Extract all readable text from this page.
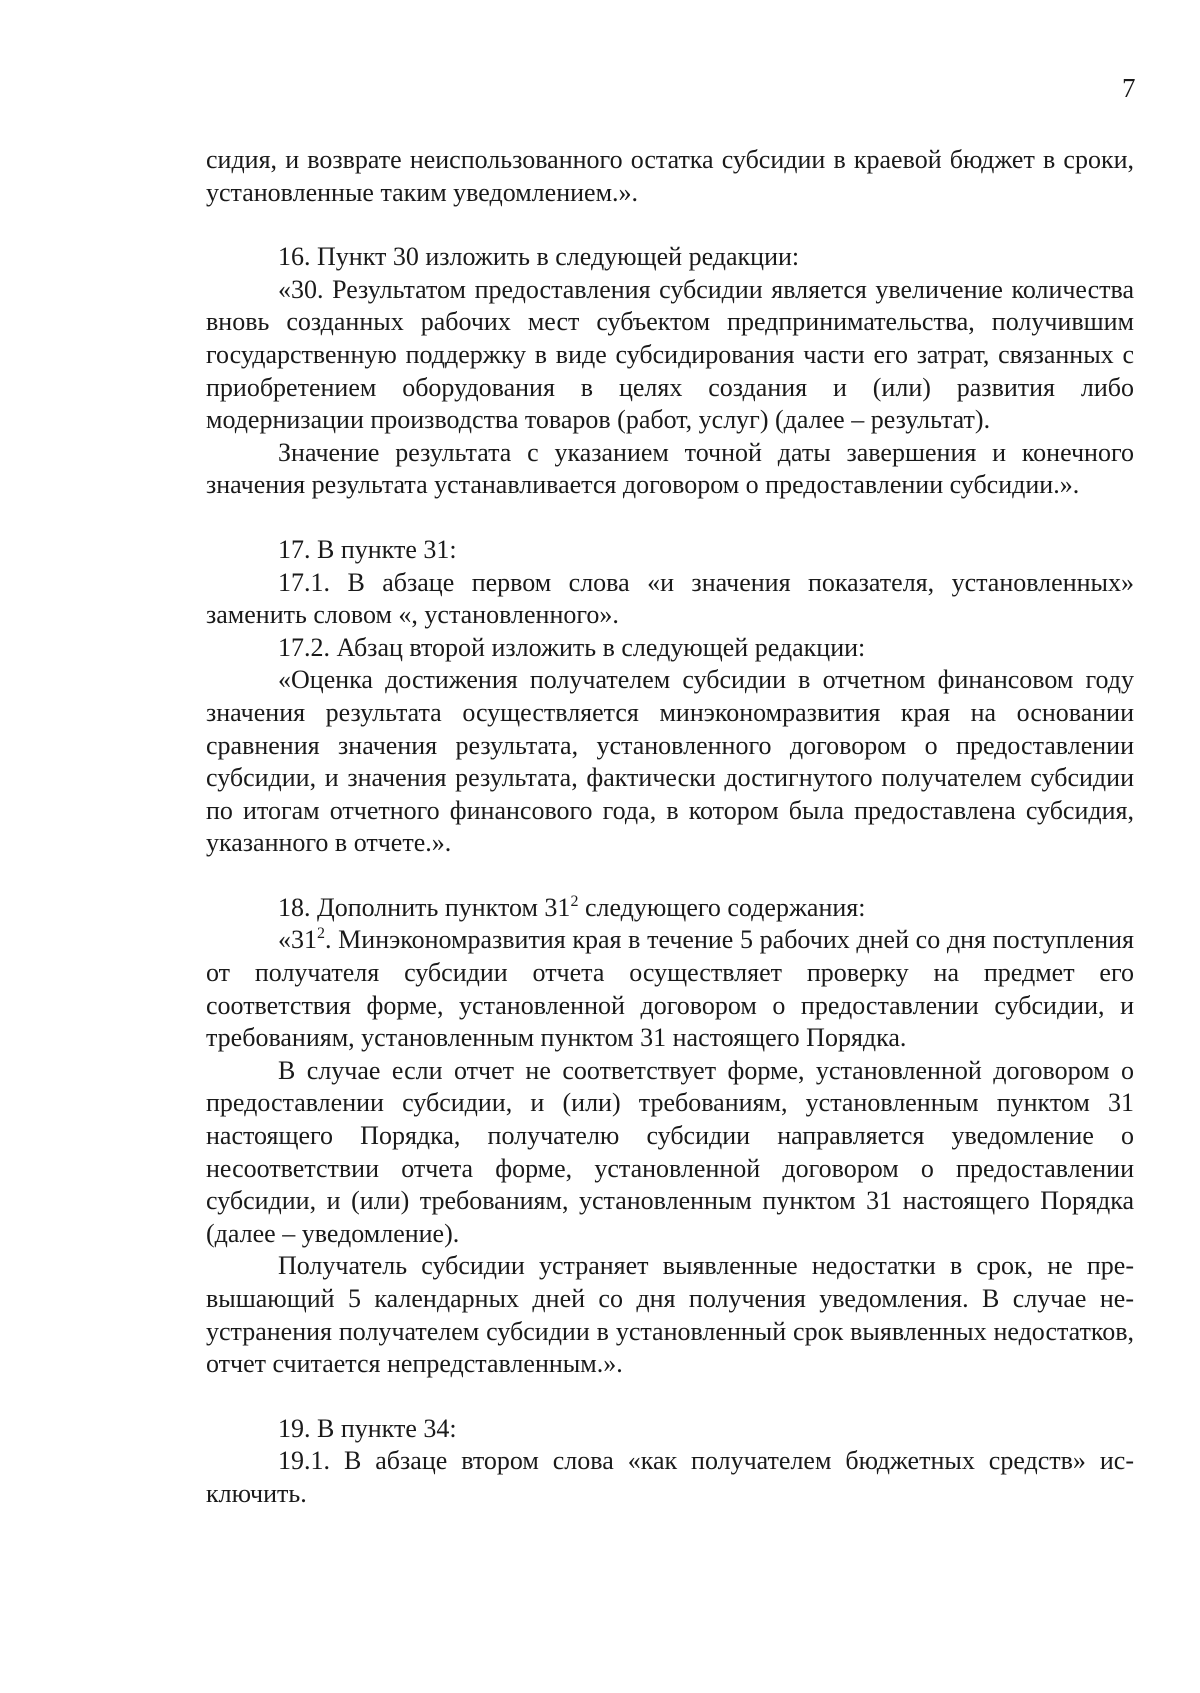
7

сидия, и возврате неиспользованного остатка субсидии в краевой бюджет в сроки, установленные таким уведомлением.».

16. Пункт 30 изложить в следующей редакции:

«30. Результатом предоставления субсидии является увеличение количества вновь созданных рабочих мест субъектом предпринимательства, получившим государственную поддержку в виде субсидирования части его затрат, связанных с приобретением оборудования в целях создания и (или) развития либо модернизации производства товаров (работ, услуг) (далее – результат).

Значение результата с указанием точной даты завершения и конечного значения результата устанавливается договором о предоставлении субсидии.».

17. В пункте 31:

17.1. В абзаце первом слова «и значения показателя, установленных» заменить словом «, установленного».

17.2. Абзац второй изложить в следующей редакции:

«Оценка достижения получателем субсидии в отчетном финансовом году значения результата осуществляется минэкономразвития края на основании сравнения значения результата, установленного договором о предоставлении субсидии, и значения результата, фактически достигнутого получателем субсидии по итогам отчетного финансового года, в котором была предоставлена субсидия, указанного в отчете.».

18. Дополнить пунктом $31^2$ следующего содержания:

«$31^2$. Минэкономразвития края в течение 5 рабочих дней со дня поступления от получателя субсидии отчета осуществляет проверку на предмет его соответствия форме, установленной договором о предоставлении субсидии, и требованиям, установленным пунктом 31 настоящего Порядка.

В случае если отчет не соответствует форме, установленной договором о предоставлении субсидии, и (или) требованиям, установленным пунктом 31 настоящего Порядка, получателю субсидии направляется уведомление о несоответствии отчета форме, установленной договором о предоставлении субсидии, и (или) требованиям, установленным пунктом 31 настоящего Порядка (далее – уведомление).

Получатель субсидии устраняет выявленные недостатки в срок, не превышающий 5 календарных дней со дня получения уведомления. В случае неустранения получателем субсидии в установленный срок выявленных недостатков, отчет считается непредставленным.».

19. В пункте 34:

19.1. В абзаце втором слова «как получателем бюджетных средств» исключить.
